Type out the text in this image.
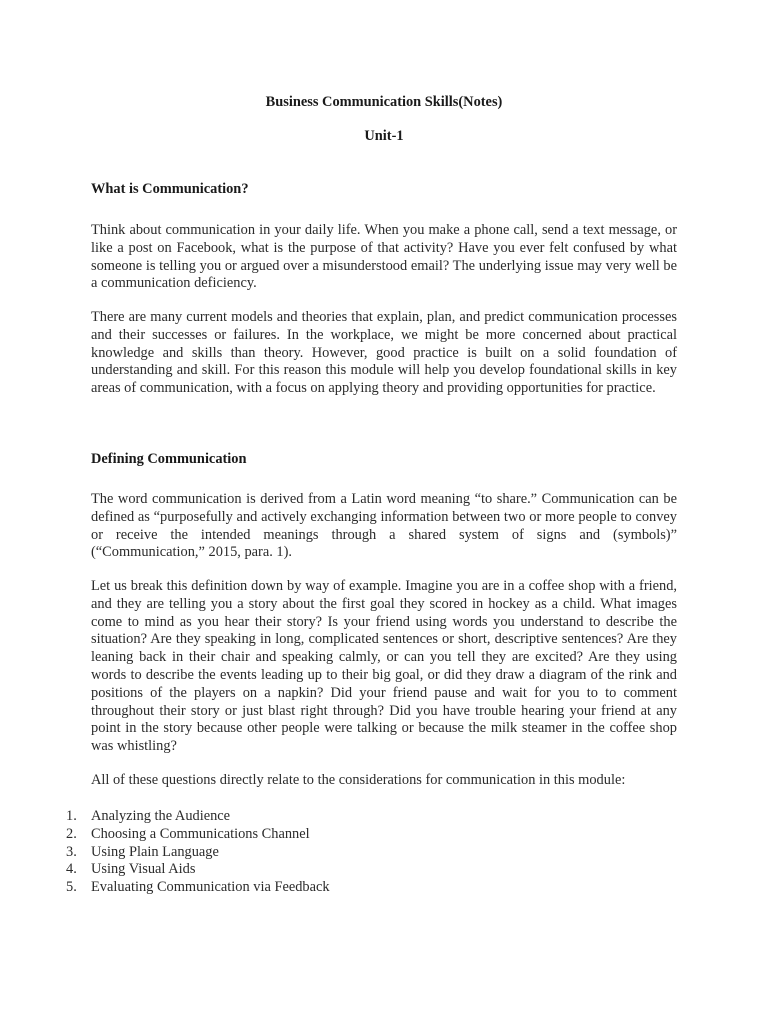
Business Communication Skills(Notes)
Unit-1
What is Communication?

Think about communication in your daily life. When you make a phone call, send a text message, or like a post on Facebook, what is the purpose of that activity? Have you ever felt confused by what someone is telling you or argued over a misunderstood email? The underlying issue may very well be a communication deficiency.

There are many current models and theories that explain, plan, and predict communication processes and their successes or failures. In the workplace, we might be more concerned about practical knowledge and skills than theory. However, good practice is built on a solid foundation of understanding and skill. For this reason this module will help you develop foundational skills in key areas of communication, with a focus on applying theory and providing opportunities for practice.

Defining Communication

The word communication is derived from a Latin word meaning “to share.” Communication can be defined as “purposefully and actively exchanging information between two or more people to convey or receive the intended meanings through a shared system of signs and (symbols)” (“Communication,” 2015, para. 1).

Let us break this definition down by way of example. Imagine you are in a coffee shop with a friend, and they are telling you a story about the first goal they scored in hockey as a child. What images come to mind as you hear their story? Is your friend using words you understand to describe the situation? Are they speaking in long, complicated sentences or short, descriptive sentences? Are they leaning back in their chair and speaking calmly, or can you tell they are excited? Are they using words to describe the events leading up to their big goal, or did they draw a diagram of the rink and positions of the players on a napkin? Did your friend pause and wait for you to to comment throughout their story or just blast right through? Did you have trouble hearing your friend at any point in the story because other people were talking or because the milk steamer in the coffee shop was whistling?

All of these questions directly relate to the considerations for communication in this module:

1. Analyzing the Audience
2. Choosing a Communications Channel
3. Using Plain Language
4. Using Visual Aids
5. Evaluating Communication via Feedback
